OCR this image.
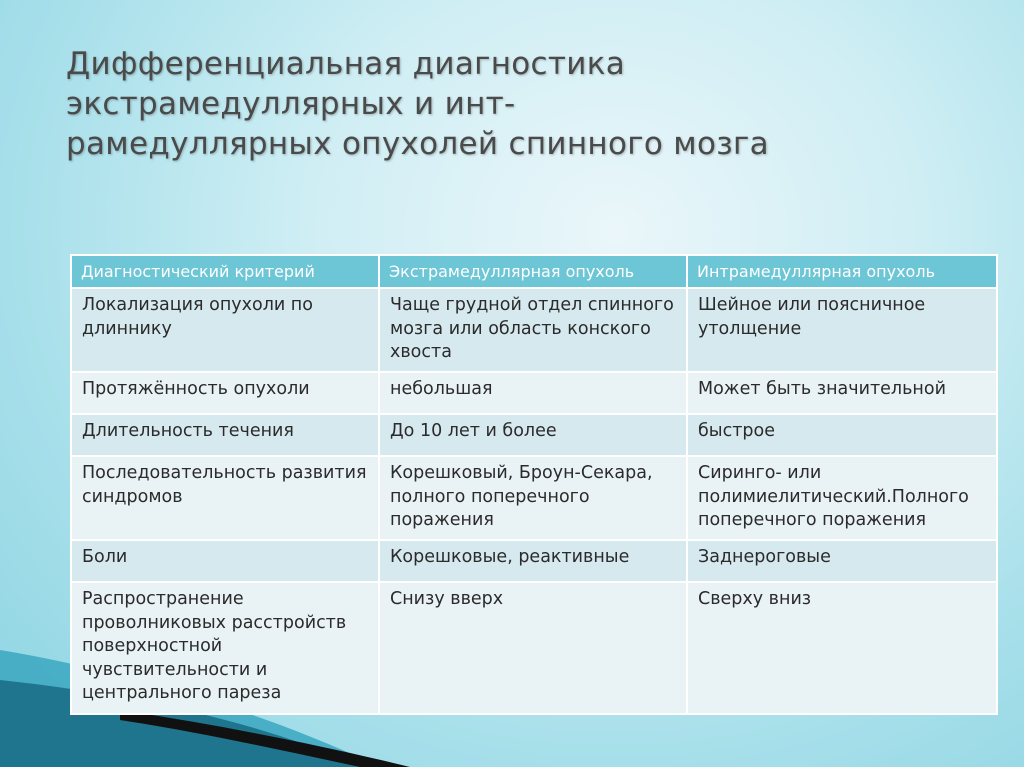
Дифференциальная диагностика
экстрамедуллярных и инт-
рамедуллярных опухолей спинного мозга
Диагностический критерий	Экстрамедуллярная опухоль	Интрамедуллярная опухоль
Локализация опухоли по длиннику	Чаще грудной отдел спинного мозга или область конского хвоста	Шейное или поясничное утолщение
Протяжённость опухоли	небольшая	Может быть значительной
Длительность течения	До 10 лет и более	быстрое
Последовательность развития синдромов	Корешковый, Броун-Секара, полного поперечного поражения	Сиринго- или полимиелитический.Полного поперечного поражения
Боли	Корешковые, реактивные	Заднероговые
Распространение проволниковых расстройств поверхностной чувствительности и центрального пареза	Снизу вверх	Сверху вниз
